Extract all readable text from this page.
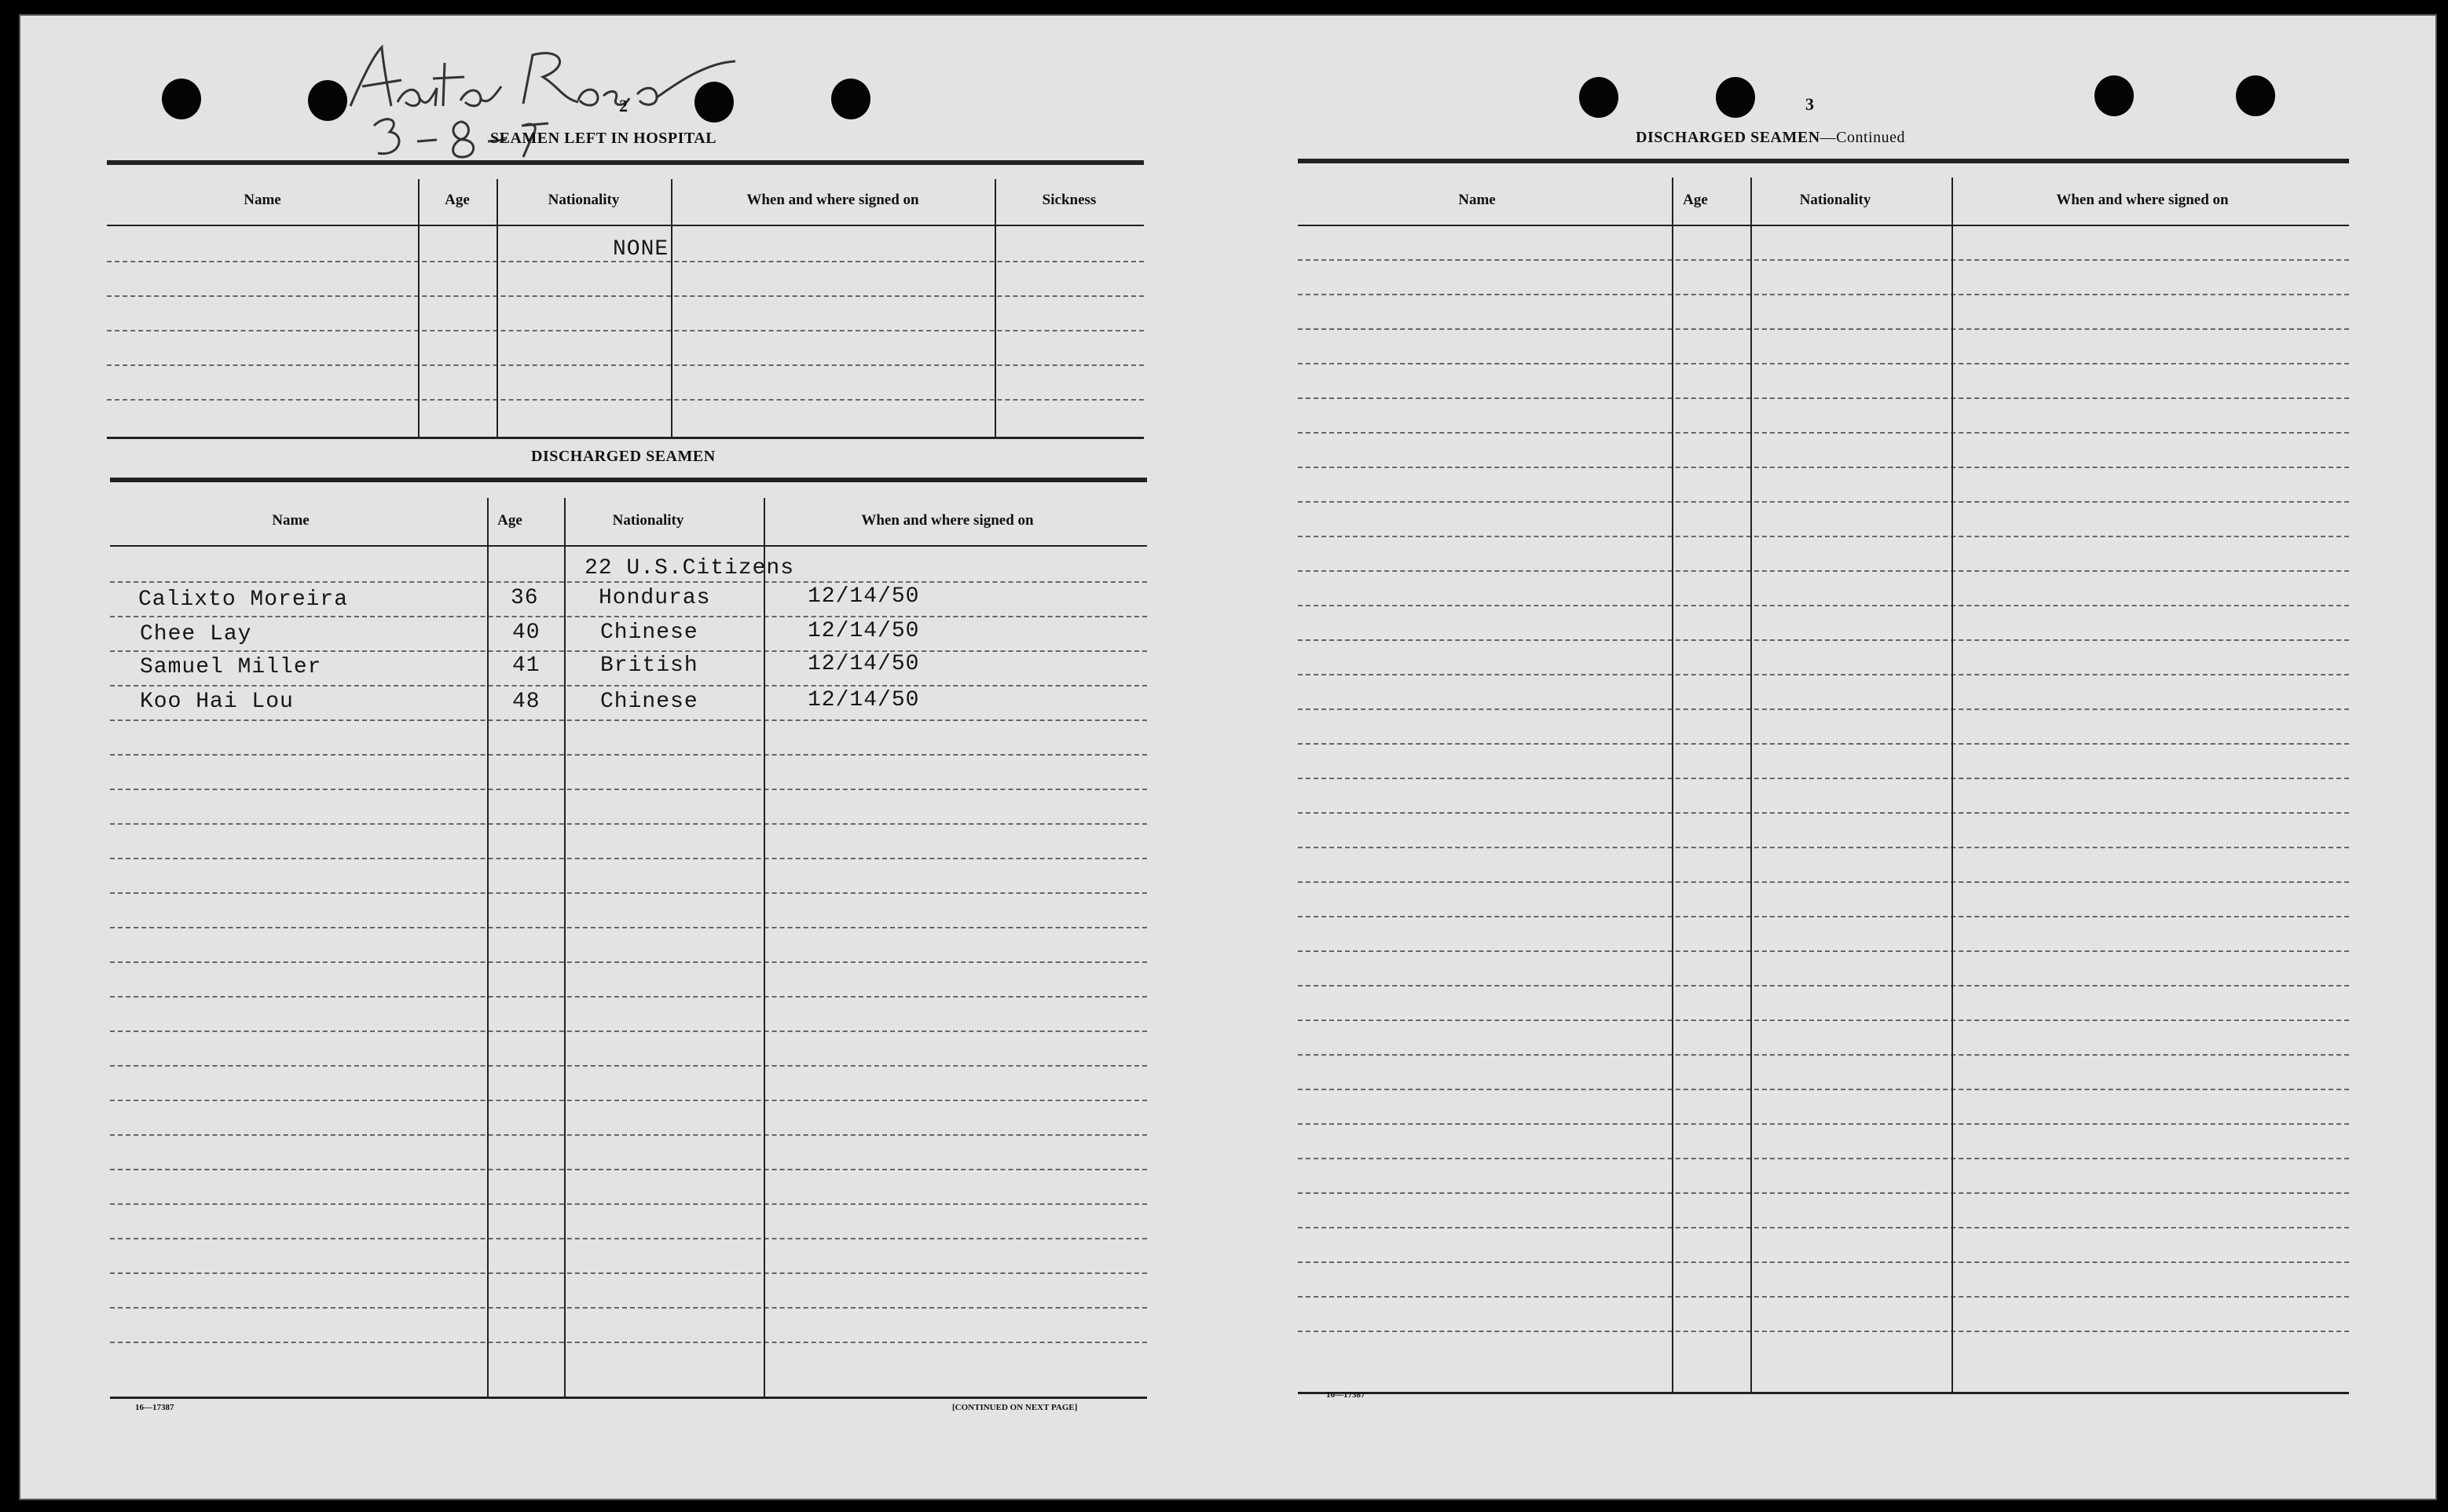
2
SEAMEN LEFT IN HOSPITAL
Name	Age	Nationality	When and where signed on	Sickness
NONE
DISCHARGED SEAMEN
Name	Age	Nationality	When and where signed on
22 U.S.Citizens
Calixto Moreira	36	Honduras	12/14/50
Chee Lay	40	Chinese	12/14/50
Samuel Miller	41	British	12/14/50
Koo Hai Lou	48	Chinese	12/14/50
16—17387	[CONTINUED ON NEXT PAGE]
3
DISCHARGED SEAMEN—Continued
Name	Age	Nationality	When and where signed on
16—17387
